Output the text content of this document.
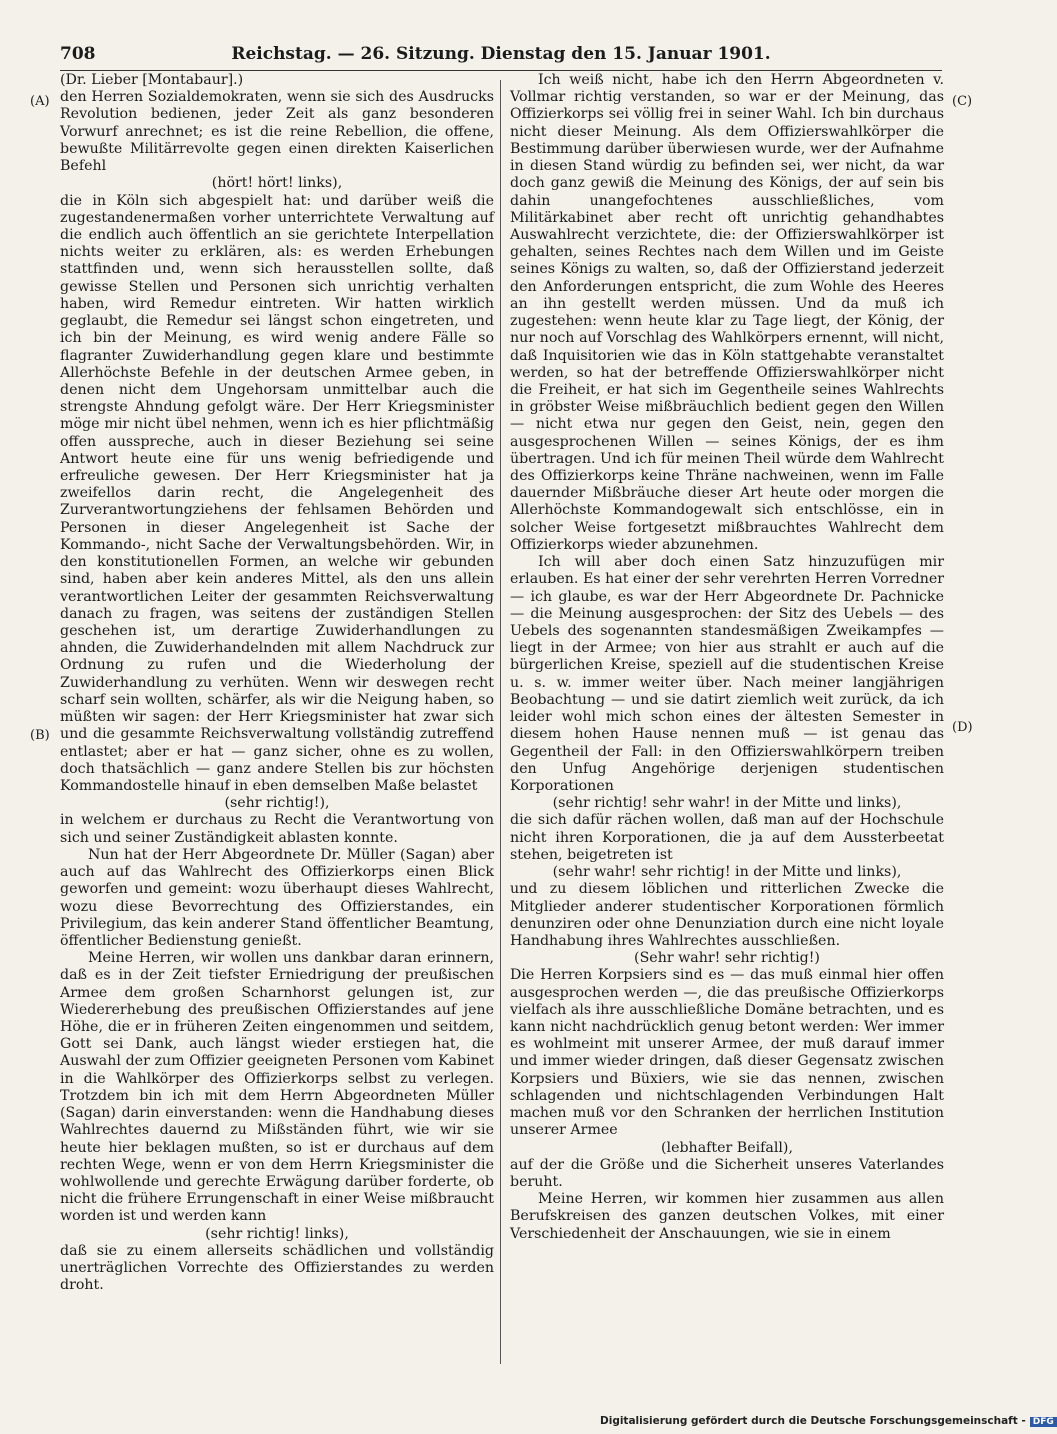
708	Reichstag. — 26. Sitzung. Dienstag den 15. Januar 1901.
(A)
(B)
(C)
(D)

(Dr. Lieber [Montabaur].)

den Herren Sozialdemokraten, wenn sie sich des Ausdrucks Revolution bedienen, jeder Zeit als ganz besonderen Vorwurf anrechnet; es ist die reine Rebellion, die offene, bewußte Militärrevolte gegen einen direkten Kaiserlichen Befehl

(hört! hört! links),

die in Köln sich abgespielt hat: und darüber weiß die zugestandenermaßen vorher unterrichtete Verwaltung auf die endlich auch öffentlich an sie gerichtete Interpellation nichts weiter zu erklären, als: es werden Erhebungen stattfinden und, wenn sich herausstellen sollte, daß gewisse Stellen und Personen sich unrichtig verhalten haben, wird Remedur eintreten. Wir hatten wirklich geglaubt, die Remedur sei längst schon eingetreten, und ich bin der Meinung, es wird wenig andere Fälle so flagranter Zuwiderhandlung gegen klare und bestimmte Allerhöchste Befehle in der deutschen Armee geben, in denen nicht dem Ungehorsam unmittelbar auch die strengste Ahndung gefolgt wäre. Der Herr Kriegsminister möge mir nicht übel nehmen, wenn ich es hier pflichtmäßig offen ausspreche, auch in dieser Beziehung sei seine Antwort heute eine für uns wenig befriedigende und erfreuliche gewesen. Der Herr Kriegsminister hat ja zweifellos darin recht, die Angelegenheit des Zurverantwortungziehens der fehlsamen Behörden und Personen in dieser Angelegenheit ist Sache der Kommando-, nicht Sache der Verwaltungsbehörden. Wir, in den konstitutionellen Formen, an welche wir gebunden sind, haben aber kein anderes Mittel, als den uns allein verantwortlichen Leiter der gesammten Reichsverwaltung danach zu fragen, was seitens der zuständigen Stellen geschehen ist, um derartige Zuwiderhandlungen zu ahnden, die Zuwiderhandelnden mit allem Nachdruck zur Ordnung zu rufen und die Wiederholung der Zuwiderhandlung zu verhüten. Wenn wir deswegen recht scharf sein wollten, schärfer, als wir die Neigung haben, so müßten wir sagen: der Herr Kriegsminister hat zwar sich und die gesammte Reichsverwaltung vollständig zutreffend entlastet; aber er hat — ganz sicher, ohne es zu wollen, doch thatsächlich — ganz andere Stellen bis zur höchsten Kommandostelle hinauf in eben demselben Maße belastet

(sehr richtig!),

in welchem er durchaus zu Recht die Verantwortung von sich und seiner Zuständigkeit ablasten konnte.

Nun hat der Herr Abgeordnete Dr. Müller (Sagan) aber auch auf das Wahlrecht des Offizierkorps einen Blick geworfen und gemeint: wozu überhaupt dieses Wahlrecht, wozu diese Bevorrechtung des Offizierstandes, ein Privilegium, das kein anderer Stand öffentlicher Beamtung, öffentlicher Bedienstung genießt.

Meine Herren, wir wollen uns dankbar daran erinnern, daß es in der Zeit tiefster Erniedrigung der preußischen Armee dem großen Scharnhorst gelungen ist, zur Wiedererhebung des preußischen Offizierstandes auf jene Höhe, die er in früheren Zeiten eingenommen und seitdem, Gott sei Dank, auch längst wieder erstiegen hat, die Auswahl der zum Offizier geeigneten Personen vom Kabinet in die Wahlkörper des Offizierkorps selbst zu verlegen. Trotzdem bin ich mit dem Herrn Abgeordneten Müller (Sagan) darin einverstanden: wenn die Handhabung dieses Wahlrechtes dauernd zu Mißständen führt, wie wir sie heute hier beklagen mußten, so ist er durchaus auf dem rechten Wege, wenn er von dem Herrn Kriegsminister die wohlwollende und gerechte Erwägung darüber forderte, ob nicht die frühere Errungenschaft in einer Weise mißbraucht worden ist und werden kann

(sehr richtig! links),

daß sie zu einem allerseits schädlichen und vollständig unerträglichen Vorrechte des Offizierstandes zu werden droht.

Ich weiß nicht, habe ich den Herrn Abgeordneten v. Vollmar richtig verstanden, so war er der Meinung, das Offizierkorps sei völlig frei in seiner Wahl. Ich bin durchaus nicht dieser Meinung. Als dem Offizierswahlkörper die Bestimmung darüber überwiesen wurde, wer der Aufnahme in diesen Stand würdig zu befinden sei, wer nicht, da war doch ganz gewiß die Meinung des Königs, der auf sein bis dahin unangefochtenes ausschließliches, vom Militärkabinet aber recht oft unrichtig gehandhabtes Auswahlrecht verzichtete, die: der Offizierswahlkörper ist gehalten, seines Rechtes nach dem Willen und im Geiste seines Königs zu walten, so, daß der Offizierstand jederzeit den Anforderungen entspricht, die zum Wohle des Heeres an ihn gestellt werden müssen. Und da muß ich zugestehen: wenn heute klar zu Tage liegt, der König, der nur noch auf Vorschlag des Wahlkörpers ernennt, will nicht, daß Inquisitorien wie das in Köln stattgehabte veranstaltet werden, so hat der betreffende Offizierswahlkörper nicht die Freiheit, er hat sich im Gegentheile seines Wahlrechts in gröbster Weise mißbräuchlich bedient gegen den Willen — nicht etwa nur gegen den Geist, nein, gegen den ausgesprochenen Willen — seines Königs, der es ihm übertragen. Und ich für meinen Theil würde dem Wahlrecht des Offizierkorps keine Thräne nachweinen, wenn im Falle dauernder Mißbräuche dieser Art heute oder morgen die Allerhöchste Kommandogewalt sich entschlösse, ein in solcher Weise fortgesetzt mißbrauchtes Wahlrecht dem Offizierkorps wieder abzunehmen.

Ich will aber doch einen Satz hinzuzufügen mir erlauben. Es hat einer der sehr verehrten Herren Vorredner — ich glaube, es war der Herr Abgeordnete Dr. Pachnicke — die Meinung ausgesprochen: der Sitz des Uebels — des Uebels des sogenannten standesmäßigen Zweikampfes — liegt in der Armee; von hier aus strahlt er auch auf die bürgerlichen Kreise, speziell auf die studentischen Kreise u. s. w. immer weiter über. Nach meiner langjährigen Beobachtung — und sie datirt ziemlich weit zurück, da ich leider wohl mich schon eines der ältesten Semester in diesem hohen Hause nennen muß — ist genau das Gegentheil der Fall: in den Offizierswahlkörpern treiben den Unfug Angehörige derjenigen studentischen Korporationen

(sehr richtig! sehr wahr! in der Mitte und links),

die sich dafür rächen wollen, daß man auf der Hochschule nicht ihren Korporationen, die ja auf dem Aussterbeetat stehen, beigetreten ist

(sehr wahr! sehr richtig! in der Mitte und links),

und zu diesem löblichen und ritterlichen Zwecke die Mitglieder anderer studentischer Korporationen förmlich denunziren oder ohne Denunziation durch eine nicht loyale Handhabung ihres Wahlrechtes ausschließen.

(Sehr wahr! sehr richtig!)

Die Herren Korpsiers sind es — das muß einmal hier offen ausgesprochen werden —, die das preußische Offizierkorps vielfach als ihre ausschließliche Domäne betrachten, und es kann nicht nachdrücklich genug betont werden: Wer immer es wohlmeint mit unserer Armee, der muß darauf immer und immer wieder dringen, daß dieser Gegensatz zwischen Korpsiers und Büxiers, wie sie das nennen, zwischen schlagenden und nichtschlagenden Verbindungen Halt machen muß vor den Schranken der herrlichen Institution unserer Armee

(lebhafter Beifall),

auf der die Größe und die Sicherheit unseres Vaterlandes beruht.

Meine Herren, wir kommen hier zusammen aus allen Berufskreisen des ganzen deutschen Volkes, mit einer Verschiedenheit der Anschauungen, wie sie in einem

Digitalisierung gefördert durch die Deutsche Forschungsgemeinschaft - DFG
